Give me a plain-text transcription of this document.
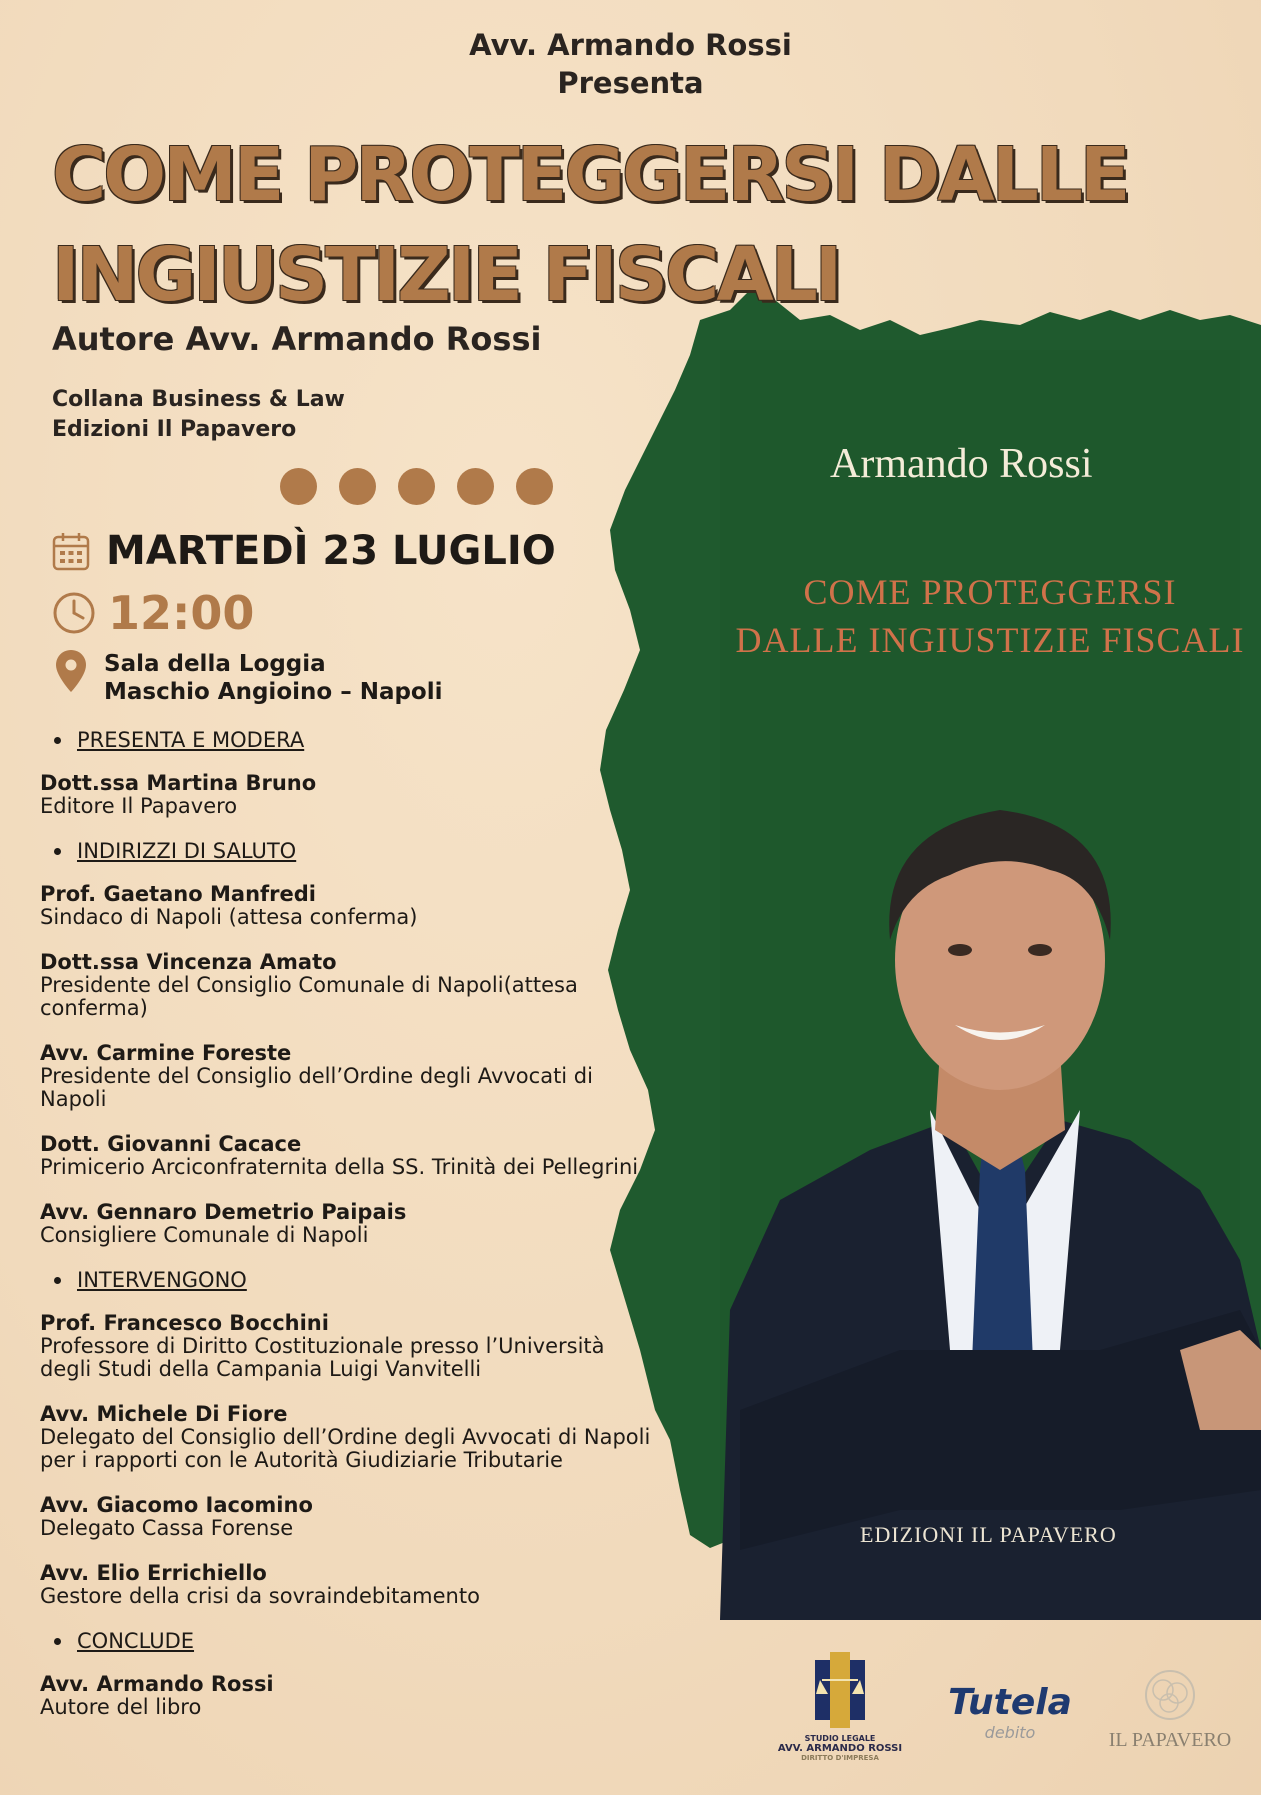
Avv. Armando Rossi
Presenta
Armando Rossi
COME PROTEGGERSI
DALLE INGIUSTIZIE FISCALI
EDIZIONI IL PAPAVERO
COME PROTEGGERSI DALLE
INGIUSTIZIE FISCALI
Autore Avv. Armando Rossi
Collana Business & Law
Edizioni Il Papavero
MARTEDÌ 23 LUGLIO
12:00
Sala della Loggia
Maschio Angioino – Napoli
PRESENTA E MODERA
Dott.ssa Martina Bruno
Editore Il Papavero
INDIRIZZI DI SALUTO
Prof. Gaetano Manfredi
Sindaco di Napoli (attesa conferma)
Dott.ssa Vincenza Amato
Presidente del Consiglio Comunale di Napoli(attesa conferma)
Avv. Carmine Foreste
Presidente del Consiglio dell’Ordine degli Avvocati di Napoli
Dott. Giovanni Cacace
Primicerio Arciconfraternita della SS. Trinità dei Pellegrini
Avv. Gennaro Demetrio Paipais
Consigliere Comunale di Napoli
INTERVENGONO
Prof. Francesco Bocchini
Professore di Diritto Costituzionale presso l’Università degli Studi della Campania Luigi Vanvitelli
Avv. Michele Di Fiore
Delegato del Consiglio dell’Ordine degli Avvocati di Napoli per i rapporti con le Autorità Giudiziarie Tributarie
Avv. Giacomo Iacomino
Delegato Cassa Forense
Avv. Elio Errichiello
Gestore della crisi da sovraindebitamento
CONCLUDE
Avv. Armando Rossi
Autore del libro
STUDIO LEGALE
AVV. ARMANDO ROSSI
DIRITTO D'IMPRESA
Tutela
debito	IL PAPAVERO
